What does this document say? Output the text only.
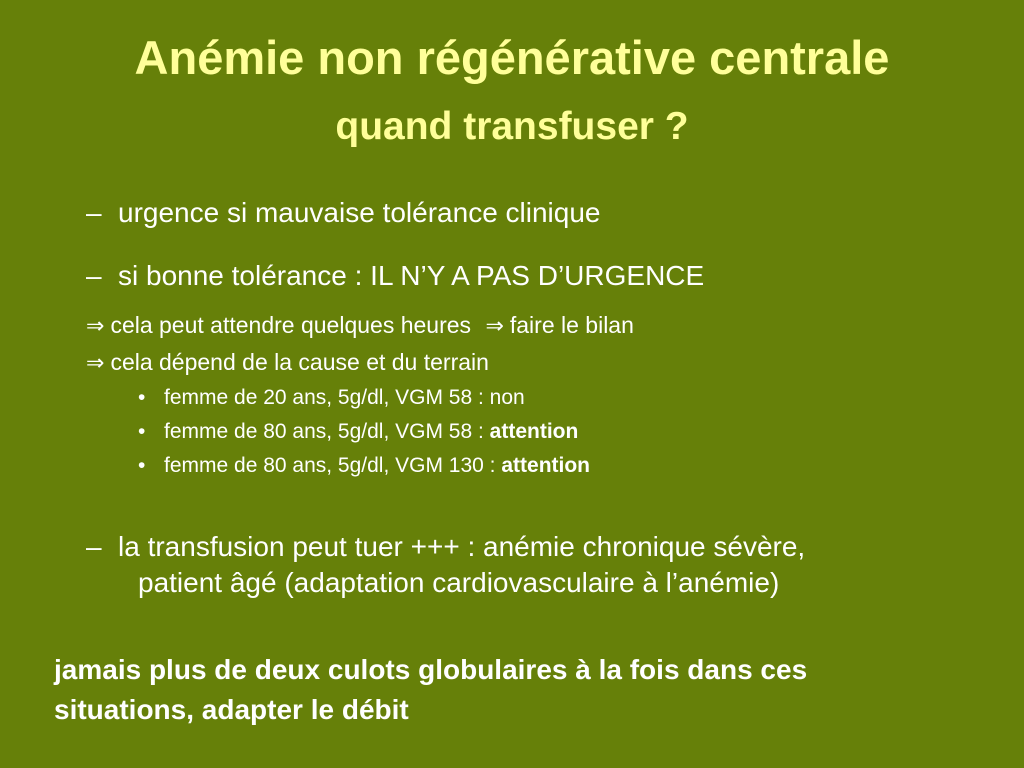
Anémie non régénérative centrale
quand transfuser ?
– urgence si mauvaise tolérance clinique
– si bonne tolérance : IL N’Y A PAS D’URGENCE
⇒ cela peut attendre quelques heures ⇒ faire le bilan
⇒ cela dépend de la cause et du terrain
• femme de 20 ans, 5g/dl, VGM 58 : non
• femme de 80 ans, 5g/dl, VGM 58 : attention
• femme de 80 ans, 5g/dl, VGM 130 : attention
– la transfusion peut tuer +++ : anémie chronique sévère,
patient âgé (adaptation cardiovasculaire à l’anémie)
jamais plus de deux culots globulaires à la fois dans ces
situations, adapter le débit
